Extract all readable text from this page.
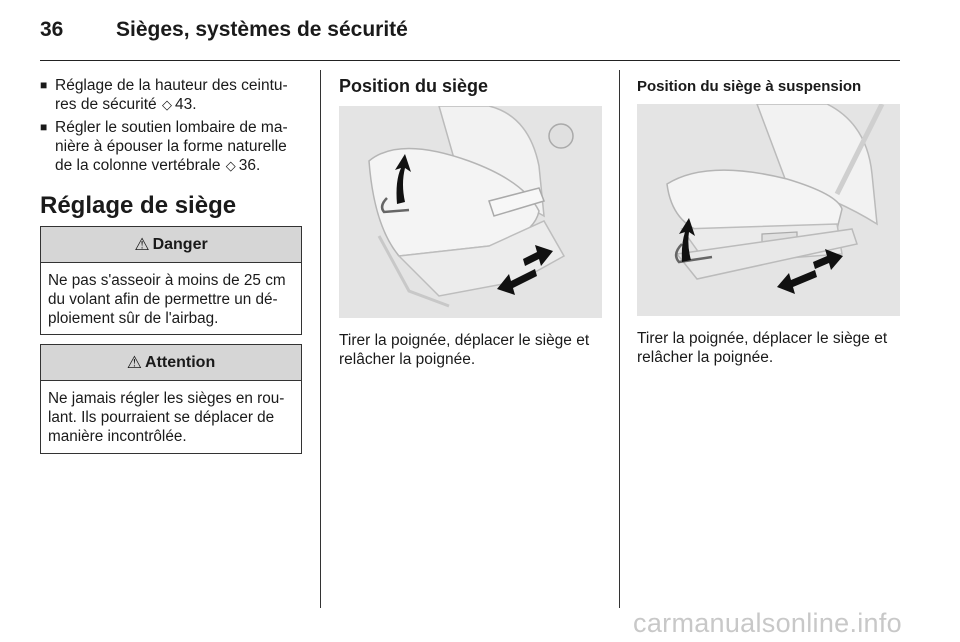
36	Sièges, systèmes de sécurité
■ Réglage de la hauteur des ceintu-res de sécurité ◇ 43.
■ Régler le soutien lombaire de ma-nière à épouser la forme naturelle de la colonne vertébrale ◇ 36.
Réglage de siège
⚠ Danger
Ne pas s'asseoir à moins de 25 cm du volant afin de permettre un dé-ploiement sûr de l'airbag.
⚠ Attention
Ne jamais régler les sièges en rou-lant. Ils pourraient se déplacer de manière incontrôlée.
Position du siège
Tirer la poignée, déplacer le siège et relâcher la poignée.
Position du siège à suspension
Tirer la poignée, déplacer le siège et relâcher la poignée.
carmanualsonline.info
